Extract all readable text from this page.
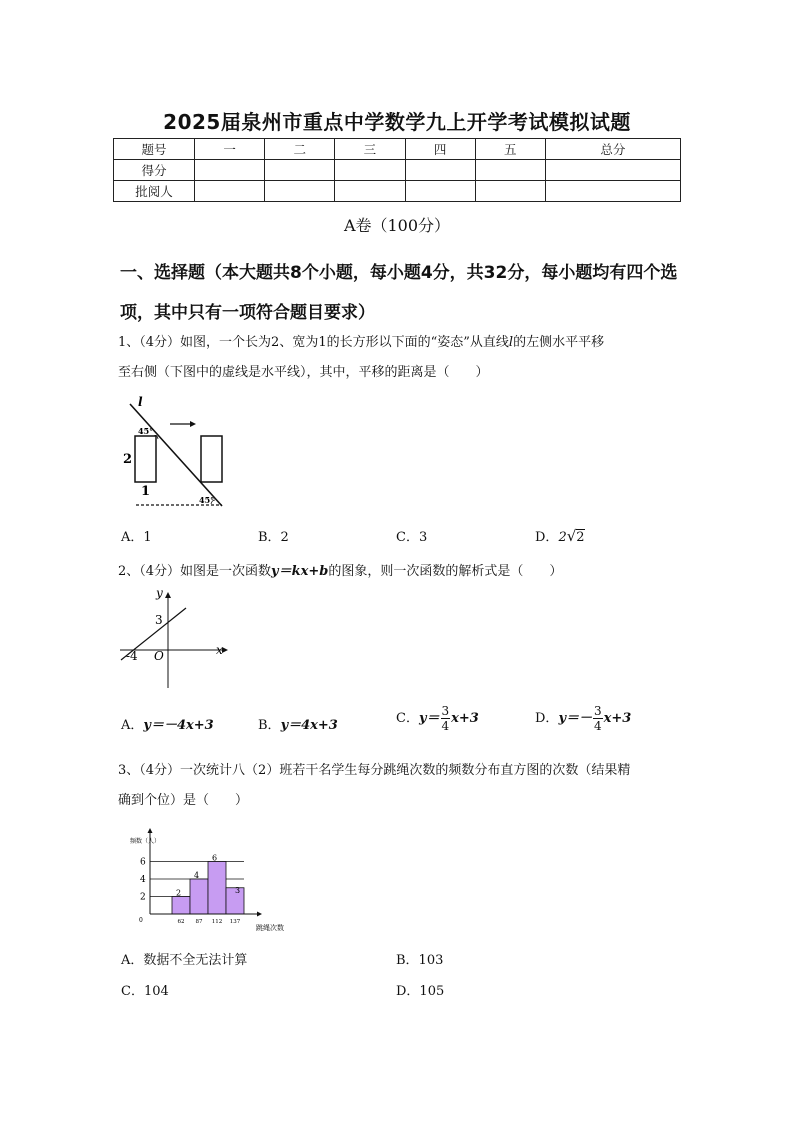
2025届泉州市重点中学数学九上开学考试模拟试题
题号	一	二	三	四	五	总分
得分						
批阅人						
A卷（100分）
一、选择题（本大题共8个小题，每小题4分，共32分，每小题均有四个选项，其中只有一项符合题目要求）
1、（4分）如图，一个长为2、宽为1的长方形以下面的“姿态”从直线l的左侧水平平移
至右侧（下图中的虚线是水平线），其中，平移的距离是（　　）
l
45°
45°
2
1
A．1	B．2	C．3	D．2√2
2、（4分）如图是一次函数y＝kx+b的图象，则一次函数的解析式是（　　）
y
x
O
3
-4
A．y＝－4x+3	B．y＝4x+3	C．$y= \frac{3}{4} x+3$	D．$y=- \frac{3}{4} x+3$
3、（4分）一次统计八（2）班若干名学生每分跳绳次数的频数分布直方图的次数（结果精
确到个位）是（　　）
频数（人）
跳绳次数
0
2
4
6
2
62
4
87
6
112
3
137
A．数据不全无法计算	B．103
C．104	D．105
